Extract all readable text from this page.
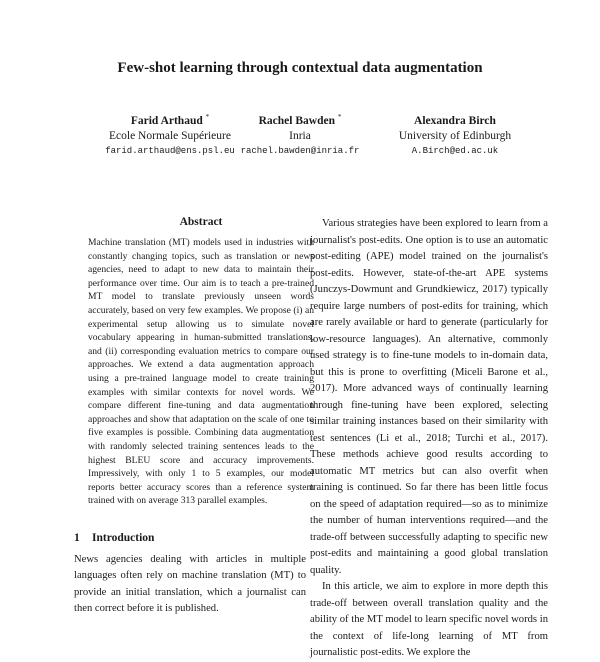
Few-shot learning through contextual data augmentation
Farid Arthaud *
Ecole Normale Supérieure
farid.arthaud@ens.psl.eu
Rachel Bawden *
Inria
rachel.bawden@inria.fr
Alexandra Birch
University of Edinburgh
A.Birch@ed.ac.uk
Abstract
Machine translation (MT) models used in industries with constantly changing topics, such as translation or news agencies, need to adapt to new data to maintain their performance over time. Our aim is to teach a pre-trained MT model to translate previously unseen words accurately, based on very few examples. We propose (i) an experimental setup allowing us to simulate novel vocabulary appearing in human-submitted translations, and (ii) corresponding evaluation metrics to compare our approaches. We extend a data augmentation approach using a pre-trained language model to create training examples with similar contexts for novel words. We compare different fine-tuning and data augmentation approaches and show that adaptation on the scale of one to five examples is possible. Combining data augmentation with randomly selected training sentences leads to the highest BLEU score and accuracy improvements. Impressively, with only 1 to 5 examples, our model reports better accuracy scores than a reference system trained with on average 313 parallel examples.
1 Introduction
News agencies dealing with articles in multiple languages often rely on machine translation (MT) to provide an initial translation, which a journalist can then correct before it is published.

Various strategies have been explored to learn from a journalist's post-edits. One option is to use an automatic post-editing (APE) model trained on the journalist's post-edits. However, state-of-the-art APE systems (Junczys-Dowmunt and Grundkiewicz, 2017) typically require large numbers of post-edits for training, which are rarely available or hard to generate (particularly for low-resource languages). An alternative, commonly used strategy is to fine-tune models to in-domain data, but this is prone to overfitting (Miceli Barone et al., 2017). More advanced ways of continually learning through fine-tuning have been explored, selecting similar training instances based on their similarity with test sentences (Li et al., 2018; Turchi et al., 2017). These methods achieve good results according to automatic MT metrics but can also overfit when training is continued. So far there has been little focus on the speed of adaptation required—so as to minimize the number of human interventions required—and the trade-off between successfully adapting to specific new post-edits and maintaining a good global translation quality.

In this article, we aim to explore in more depth this trade-off between overall translation quality and the ability of the MT model to learn specific novel words in the context of life-long learning of MT from journalistic post-edits. We explore the
